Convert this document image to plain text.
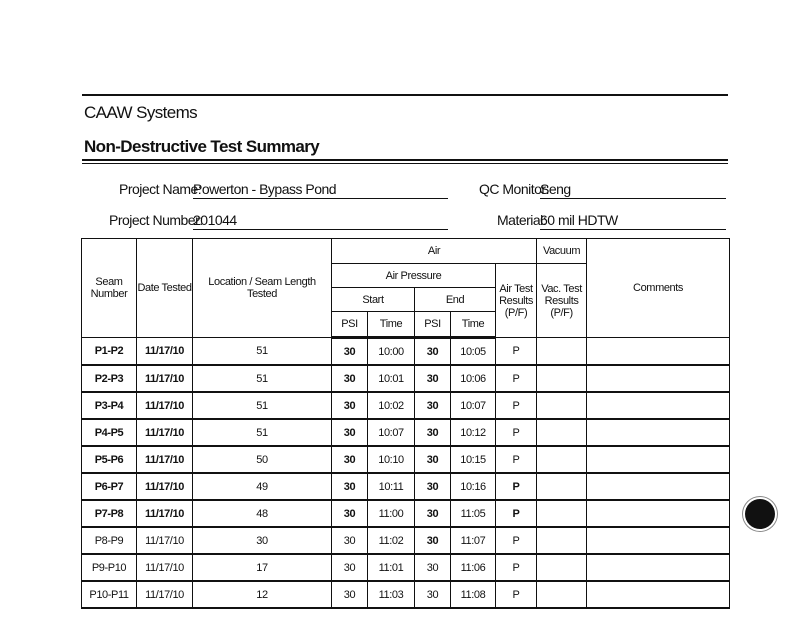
CAAW Systems
Non-Destructive Test Summary
Project Name:
Powerton - Bypass Pond
Project Number:
201044
QC Monitor:
Seng
Material:
60 mil HDTW
Seam Number	Date Tested	Location / Seam Length Tested	Air					Vacuum	Comments
			Air Pressure				Air Test Results (P/F)	Vac. Test Results (P/F)	
			Start		End				
			PSI	Time	PSI	Time			
P1-P2	11/17/10	51	30	10:00	30	10:05	P		
P2-P3	11/17/10	51	30	10:01	30	10:06	P		
P3-P4	11/17/10	51	30	10:02	30	10:07	P		
P4-P5	11/17/10	51	30	10:07	30	10:12	P		
P5-P6	11/17/10	50	30	10:10	30	10:15	P		
P6-P7	11/17/10	49	30	10:11	30	10:16	P		
P7-P8	11/17/10	48	30	11:00	30	11:05	P		
P8-P9	11/17/10	30	30	11:02	30	11:07	P		
P9-P10	11/17/10	17	30	11:01	30	11:06	P		
P10-P11	11/17/10	12	30	11:03	30	11:08	P		
